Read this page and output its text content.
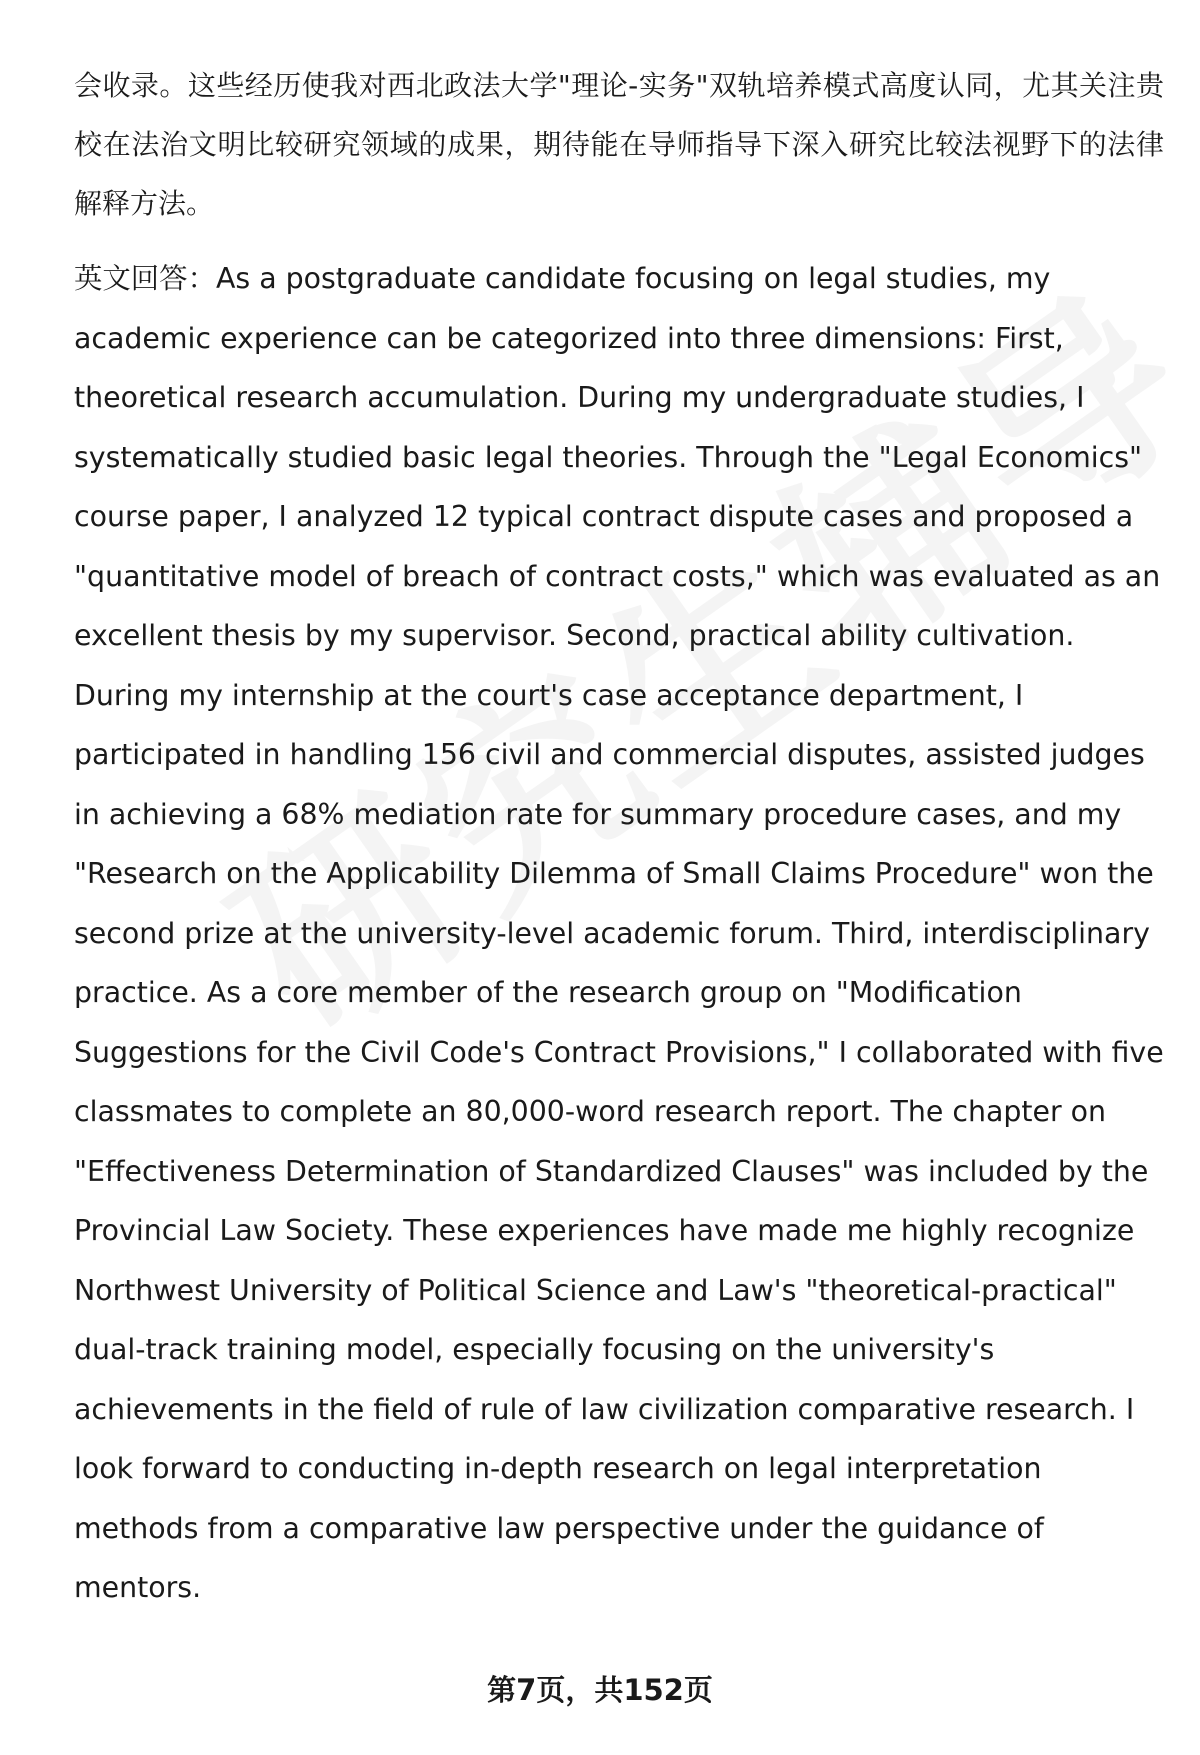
会收录。这些经历使我对西北政法大学"理论-实务"双轨培养模式高度认同，尤其关注贵校在法治文明比较研究领域的成果，期待能在导师指导下深入研究比较法视野下的法律解释方法。

英文回答：As a postgraduate candidate focusing on legal studies, my academic experience can be categorized into three dimensions: First, theoretical research accumulation. During my undergraduate studies, I systematically studied basic legal theories. Through the "Legal Economics" course paper, I analyzed 12 typical contract dispute cases and proposed a "quantitative model of breach of contract costs," which was evaluated as an excellent thesis by my supervisor. Second, practical ability cultivation. During my internship at the court's case acceptance department, I participated in handling 156 civil and commercial disputes, assisted judges in achieving a 68% mediation rate for summary procedure cases, and my "Research on the Applicability Dilemma of Small Claims Procedure" won the second prize at the university-level academic forum. Third, interdisciplinary practice. As a core member of the research group on "Modification Suggestions for the Civil Code's Contract Provisions," I collaborated with five classmates to complete an 80,000-word research report. The chapter on "Effectiveness Determination of Standardized Clauses" was included by the Provincial Law Society. These experiences have made me highly recognize Northwest University of Political Science and Law's "theoretical-practical" dual-track training model, especially focusing on the university's achievements in the field of rule of law civilization comparative research. I look forward to conducting in-depth research on legal interpretation methods from a comparative law perspective under the guidance of mentors.

第7页，共152页
